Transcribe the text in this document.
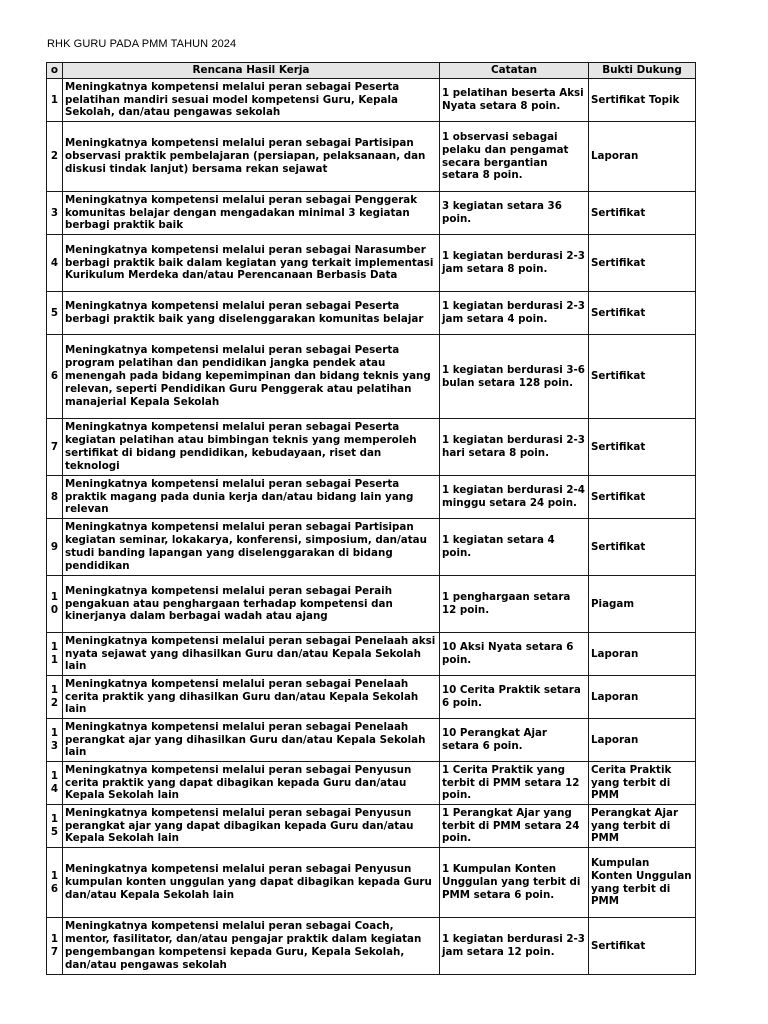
RHK GURU PADA PMM TAHUN 2024
o	Rencana Hasil Kerja	Catatan	Bukti Dukung
1	Meningkatnya kompetensi melalui peran sebagai Peserta pelatihan mandiri sesuai model kompetensi Guru, Kepala Sekolah, dan/atau pengawas sekolah	1 pelatihan beserta Aksi Nyata setara 8 poin.	Sertifikat Topik
2	Meningkatnya kompetensi melalui peran sebagai Partisipan observasi praktik pembelajaran (persiapan, pelaksanaan, dan diskusi tindak lanjut) bersama rekan sejawat	1 observasi sebagai pelaku dan pengamat secara bergantian setara 8 poin.	Laporan
3	Meningkatnya kompetensi melalui peran sebagai Penggerak komunitas belajar dengan mengadakan minimal 3 kegiatan berbagi praktik baik	3 kegiatan setara 36 poin.	Sertifikat
4	Meningkatnya kompetensi melalui peran sebagai Narasumber berbagi praktik baik dalam kegiatan yang terkait implementasi Kurikulum Merdeka dan/atau Perencanaan Berbasis Data	1 kegiatan berdurasi 2-3 jam setara 8 poin.	Sertifikat
5	Meningkatnya kompetensi melalui peran sebagai Peserta berbagi praktik baik yang diselenggarakan komunitas belajar	1 kegiatan berdurasi 2-3 jam setara 4 poin.	Sertifikat
6	Meningkatnya kompetensi melalui peran sebagai Peserta program pelatihan dan pendidikan jangka pendek atau menengah pada bidang kepemimpinan dan bidang teknis yang relevan, seperti Pendidikan Guru Penggerak atau pelatihan manajerial Kepala Sekolah	1 kegiatan berdurasi 3-6 bulan setara 128 poin.	Sertifikat
7	Meningkatnya kompetensi melalui peran sebagai Peserta kegiatan pelatihan atau bimbingan teknis yang memperoleh sertifikat di bidang pendidikan, kebudayaan, riset dan teknologi	1 kegiatan berdurasi 2-3 hari setara 8 poin.	Sertifikat
8	Meningkatnya kompetensi melalui peran sebagai Peserta praktik magang pada dunia kerja dan/atau bidang lain yang relevan	1 kegiatan berdurasi 2-4 minggu setara 24 poin.	Sertifikat
9	Meningkatnya kompetensi melalui peran sebagai Partisipan kegiatan seminar, lokakarya, konferensi, simposium, dan/atau studi banding lapangan yang diselenggarakan di bidang pendidikan	1 kegiatan setara 4 poin.	Sertifikat
10	Meningkatnya kompetensi melalui peran sebagai Peraih pengakuan atau penghargaan terhadap kompetensi dan kinerjanya dalam berbagai wadah atau ajang	1 penghargaan setara 12 poin.	Piagam
11	Meningkatnya kompetensi melalui peran sebagai Penelaah aksi nyata sejawat yang dihasilkan Guru dan/atau Kepala Sekolah lain	10 Aksi Nyata setara 6 poin.	Laporan
12	Meningkatnya kompetensi melalui peran sebagai Penelaah cerita praktik yang dihasilkan Guru dan/atau Kepala Sekolah lain	10 Cerita Praktik setara 6 poin.	Laporan
13	Meningkatnya kompetensi melalui peran sebagai Penelaah perangkat ajar yang dihasilkan Guru dan/atau Kepala Sekolah lain	10 Perangkat Ajar setara 6 poin.	Laporan
14	Meningkatnya kompetensi melalui peran sebagai Penyusun cerita praktik yang dapat dibagikan kepada Guru dan/atau Kepala Sekolah lain	1 Cerita Praktik yang terbit di PMM setara 12 poin.	Cerita Praktik yang terbit di PMM
15	Meningkatnya kompetensi melalui peran sebagai Penyusun perangkat ajar yang dapat dibagikan kepada Guru dan/atau Kepala Sekolah lain	1 Perangkat Ajar yang terbit di PMM setara 24 poin.	Perangkat Ajar yang terbit di PMM
16	Meningkatnya kompetensi melalui peran sebagai Penyusun kumpulan konten unggulan yang dapat dibagikan kepada Guru dan/atau Kepala Sekolah lain	1 Kumpulan Konten Unggulan yang terbit di PMM setara 6 poin.	Kumpulan Konten Unggulan yang terbit di PMM
17	Meningkatnya kompetensi melalui peran sebagai Coach, mentor, fasilitator, dan/atau pengajar praktik dalam kegiatan pengembangan kompetensi kepada Guru, Kepala Sekolah, dan/atau pengawas sekolah	1 kegiatan berdurasi 2-3 jam setara 12 poin.	Sertifikat
